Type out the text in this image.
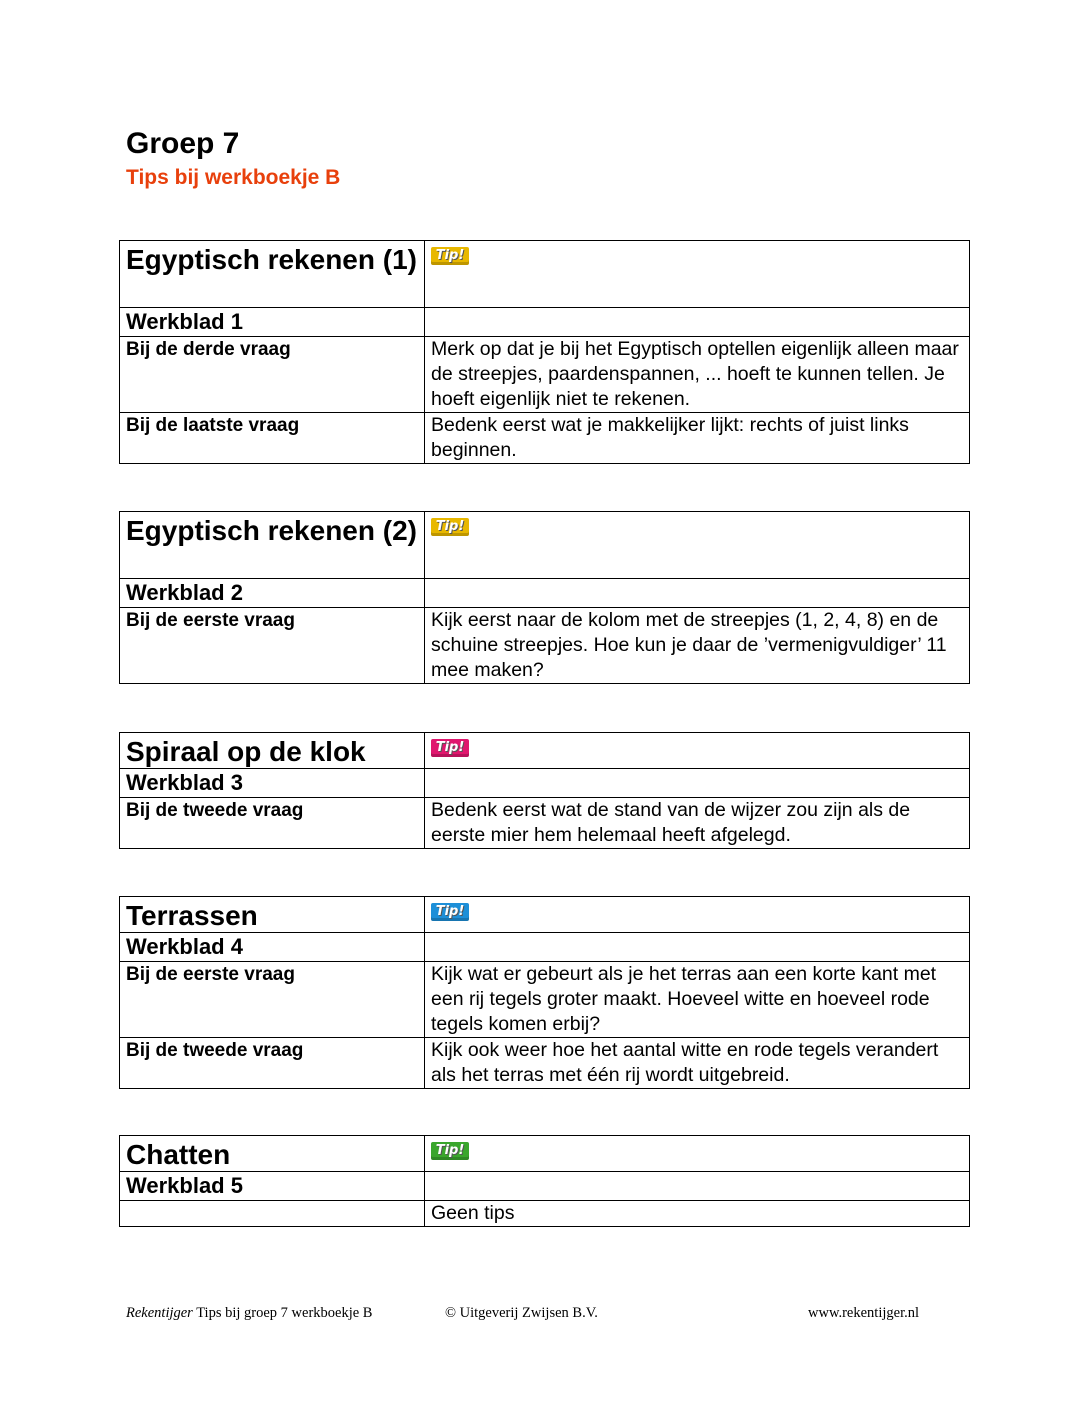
Groep 7
Tips bij werkboekje B
Egyptisch rekenen (1)	Tip!
Werkblad 1	
Bij de derde vraag	Merk op dat je bij het Egyptisch optellen eigenlijk alleen maar de streepjes, paardenspannen, ... hoeft te kunnen tellen. Je hoeft eigenlijk niet te rekenen.
Bij de laatste vraag	Bedenk eerst wat je makkelijker lijkt: rechts of juist links beginnen.
Egyptisch rekenen (2)	Tip!
Werkblad 2	
Bij de eerste vraag	Kijk eerst naar de kolom met de streepjes (1, 2, 4, 8) en de schuine streepjes. Hoe kun je daar de ’vermenigvuldiger’ 11 mee maken?
Spiraal op de klok	Tip!
Werkblad 3	
Bij de tweede vraag	Bedenk eerst wat de stand van de wijzer zou zijn als de eerste mier hem helemaal heeft afgelegd.
Terrassen	Tip!
Werkblad 4	
Bij de eerste vraag	Kijk wat er gebeurt als je het terras aan een korte kant met een rij tegels groter maakt. Hoeveel witte en hoeveel rode tegels komen erbij?
Bij de tweede vraag	Kijk ook weer hoe het aantal witte en rode tegels verandert als het terras met één rij wordt uitgebreid.
Chatten	Tip!
Werkblad 5	
	Geen tips
Rekentijger Tips bij groep 7 werkboekje B	© Uitgeverij Zwijsen B.V.	www.rekentijger.nl
